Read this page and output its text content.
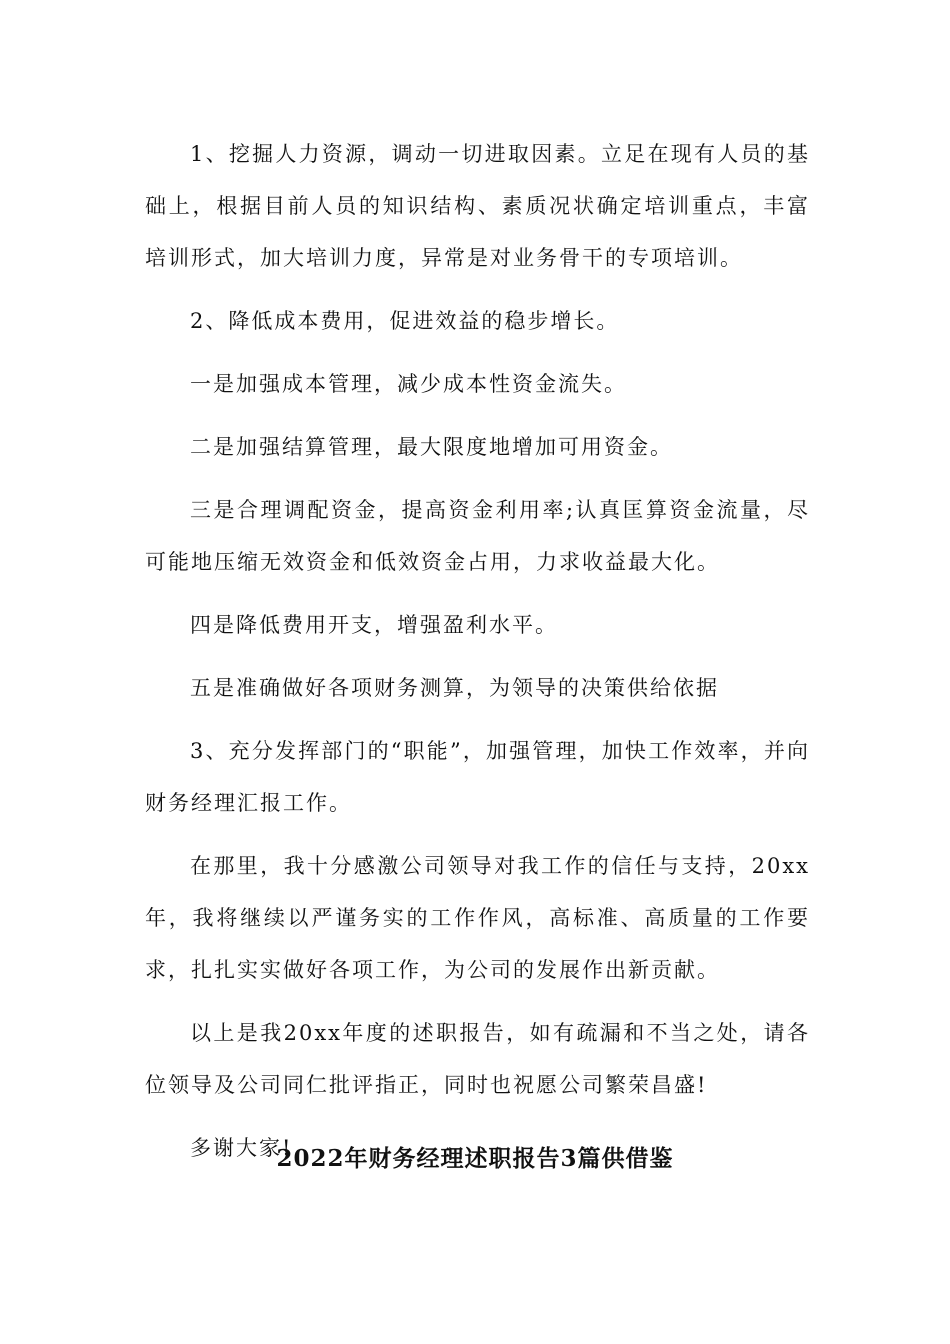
1、挖掘人力资源，调动一切进取因素。立足在现有人员的基础上，根据目前人员的知识结构、素质况状确定培训重点，丰富培训形式，加大培训力度，异常是对业务骨干的专项培训。

2、降低成本费用，促进效益的稳步增长。

一是加强成本管理，减少成本性资金流失。

二是加强结算管理，最大限度地增加可用资金。

三是合理调配资金，提高资金利用率;认真匡算资金流量，尽可能地压缩无效资金和低效资金占用，力求收益最大化。

四是降低费用开支，增强盈利水平。

五是准确做好各项财务测算，为领导的决策供给依据

3、充分发挥部门的“职能”，加强管理，加快工作效率，并向财务经理汇报工作。

在那里，我十分感激公司领导对我工作的信任与支持，20xx年，我将继续以严谨务实的工作作风，高标准、高质量的工作要求，扎扎实实做好各项工作，为公司的发展作出新贡献。

以上是我20xx年度的述职报告，如有疏漏和不当之处，请各位领导及公司同仁批评指正，同时也祝愿公司繁荣昌盛!

多谢大家!

2022年财务经理述职报告3篇供借鉴
